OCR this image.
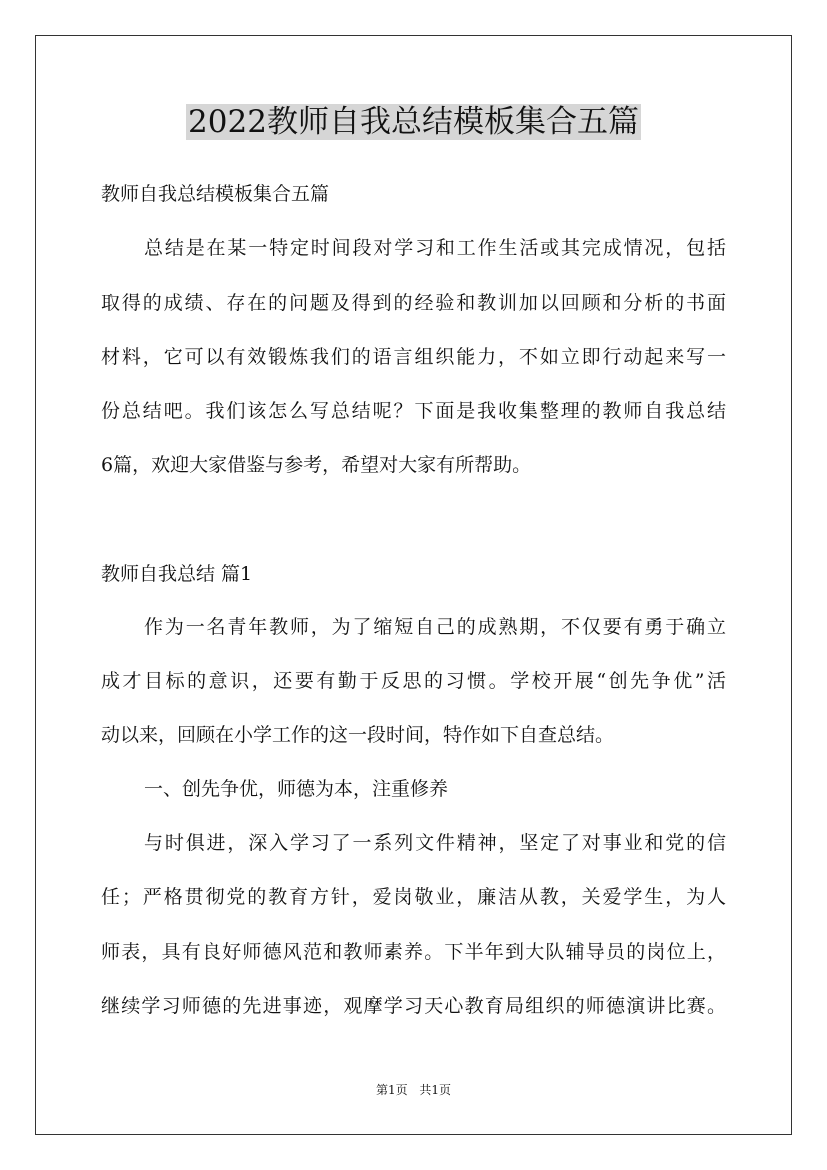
2022教师自我总结模板集合五篇
教师自我总结模板集合五篇
总结是在某一特定时间段对学习和工作生活或其完成情况，包括
取得的成绩、存在的问题及得到的经验和教训加以回顾和分析的书面
材料，它可以有效锻炼我们的语言组织能力，不如立即行动起来写一
份总结吧。我们该怎么写总结呢？下面是我收集整理的教师自我总结
6篇，欢迎大家借鉴与参考，希望对大家有所帮助。
教师自我总结 篇1
作为一名青年教师，为了缩短自己的成熟期，不仅要有勇于确立
成才目标的意识，还要有勤于反思的习惯。学校开展“创先争优”活
动以来，回顾在小学工作的这一段时间，特作如下自查总结。
一、创先争优，师德为本，注重修养
与时俱进，深入学习了一系列文件精神，坚定了对事业和党的信
任；严格贯彻党的教育方针，爱岗敬业，廉洁从教，关爱学生，为人
师表，具有良好师德风范和教师素养。下半年到大队辅导员的岗位上，
继续学习师德的先进事迹，观摩学习天心教育局组织的师德演讲比赛。
第1页 共1页
